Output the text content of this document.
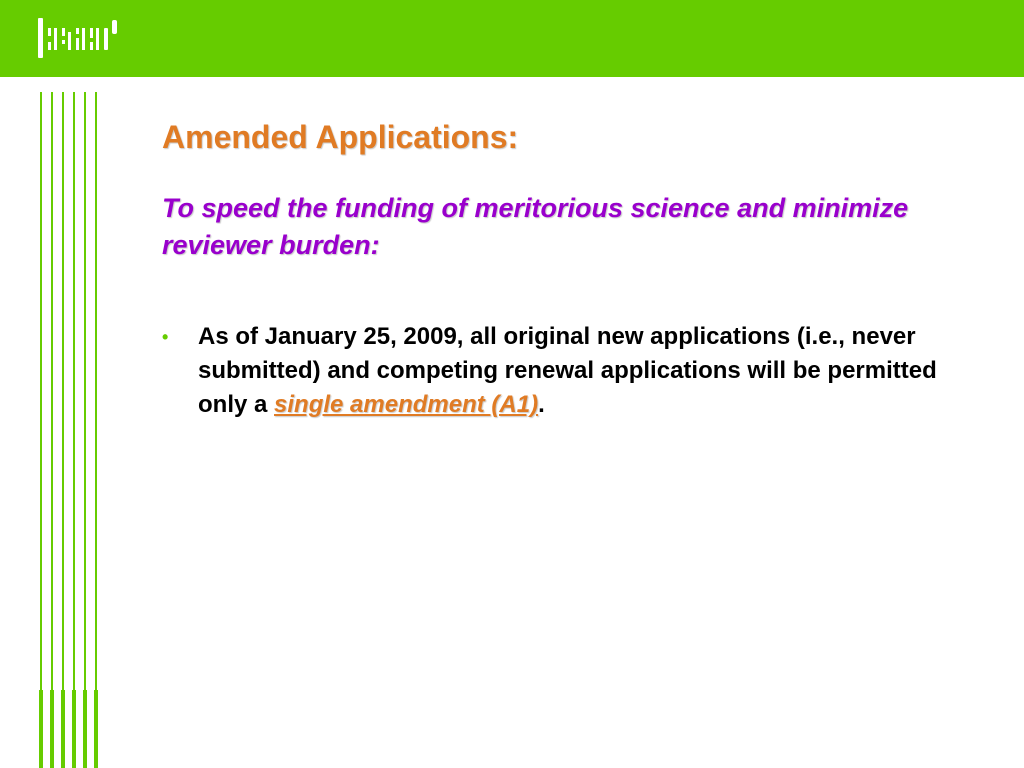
Amended Applications:
To speed the funding of meritorious science and minimize reviewer burden:
• As of January 25, 2009, all original new applications (i.e., never submitted) and competing renewal applications will be permitted only a single amendment (A1).
